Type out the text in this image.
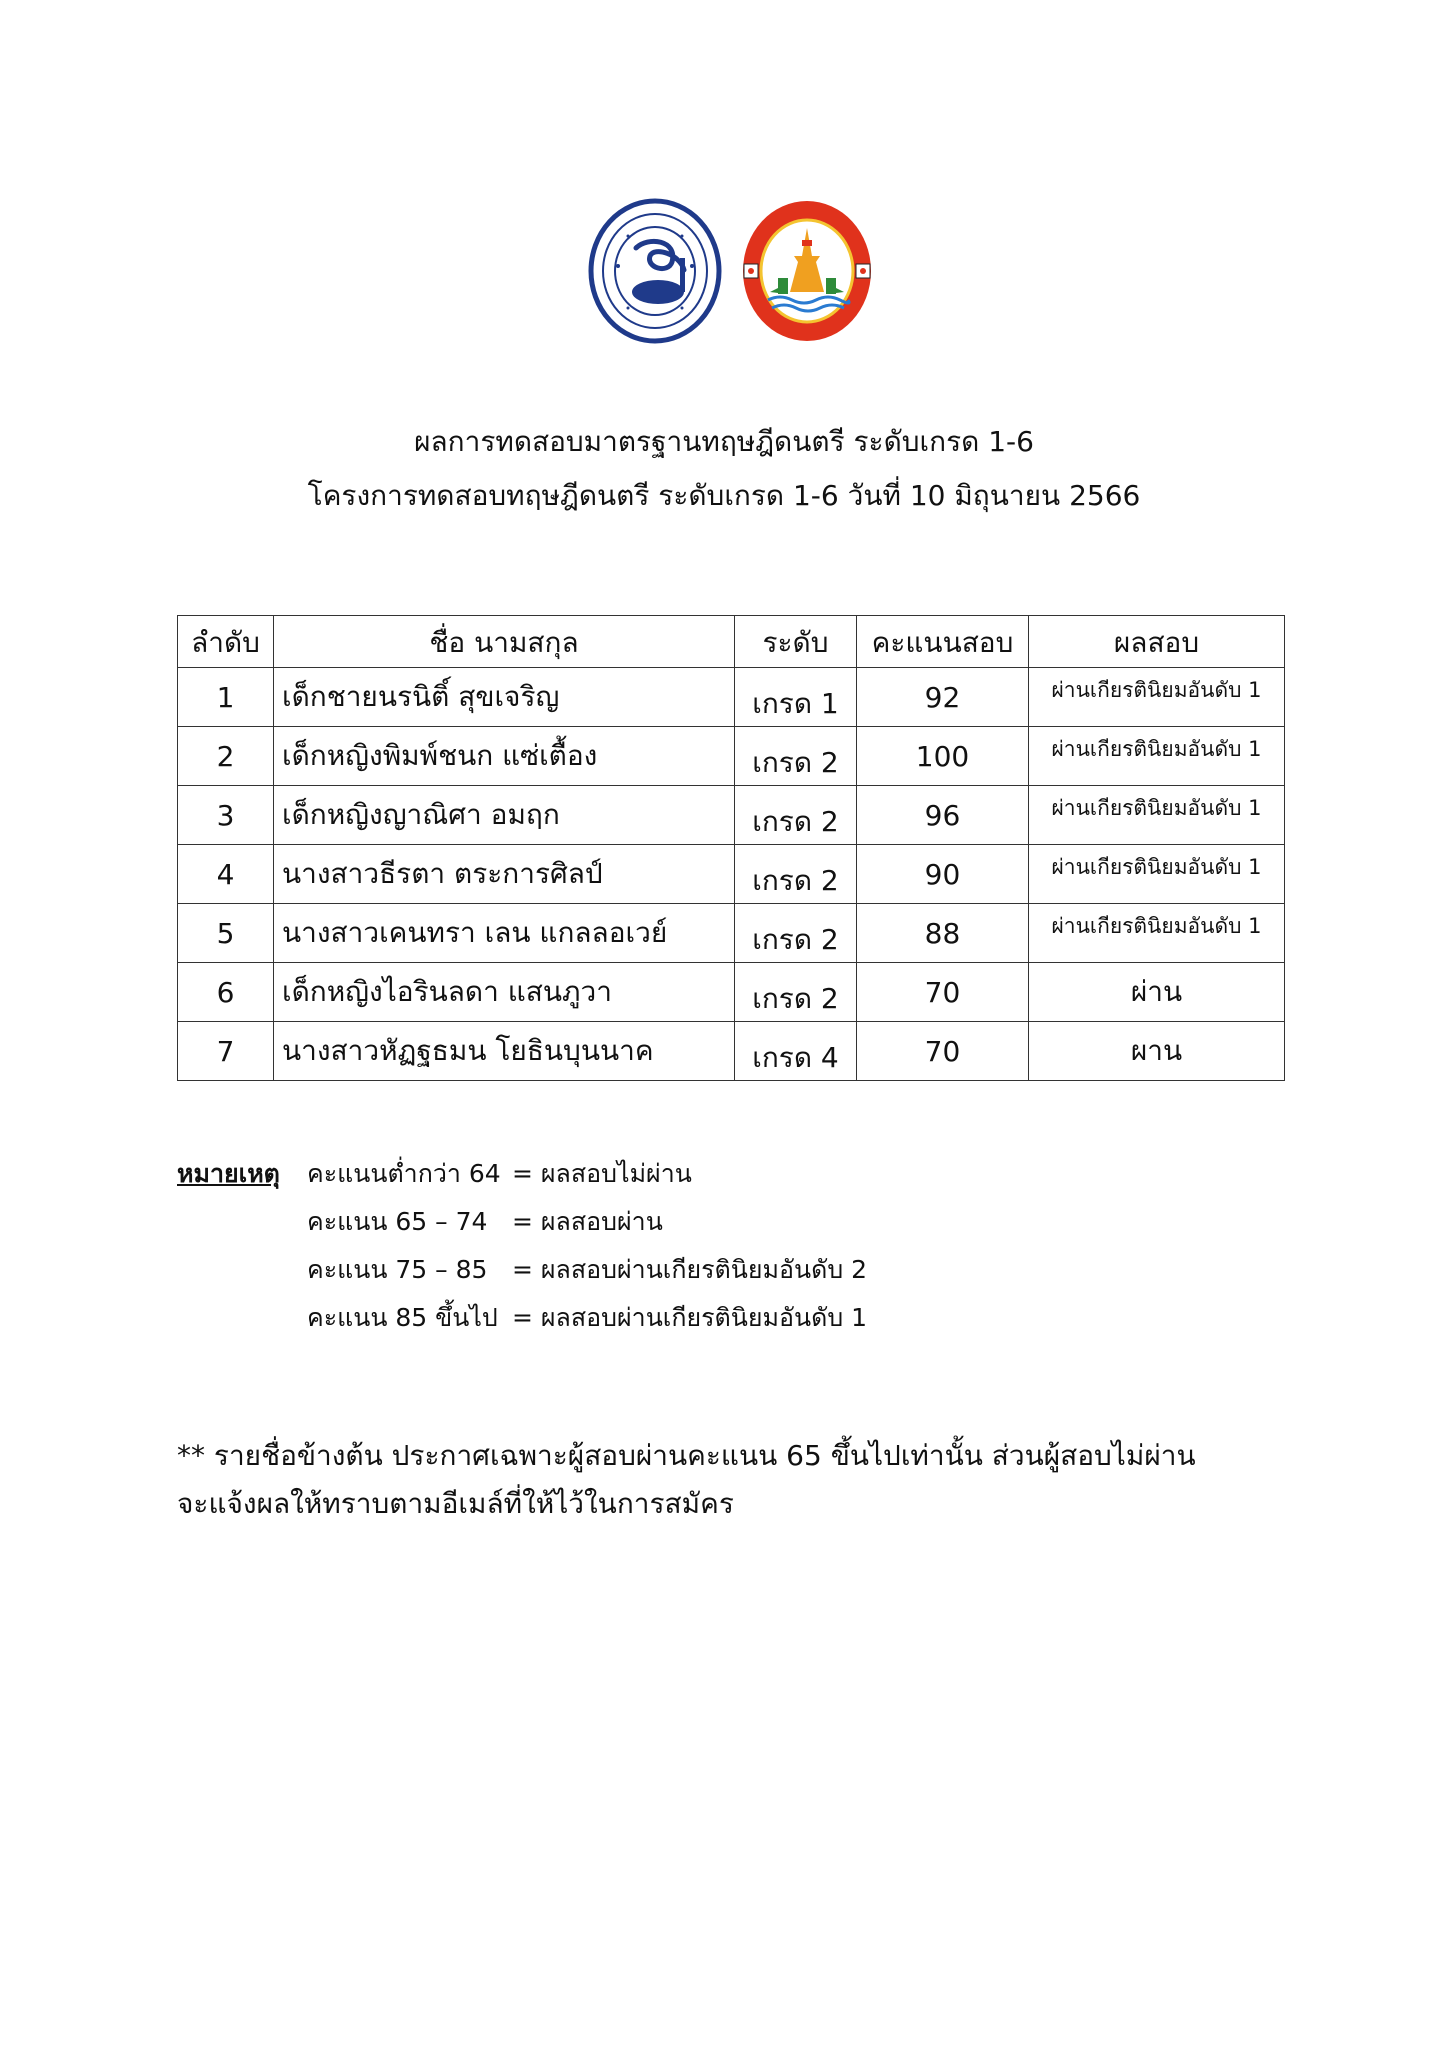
ผลการทดสอบมาตรฐานทฤษฎีดนตรี ระดับเกรด 1-6
โครงการทดสอบทฤษฎีดนตรี ระดับเกรด 1-6 วันที่ 10 มิถุนายน 2566
ลำดับ	ชื่อ นามสกุล	ระดับ	คะแนนสอบ	ผลสอบ
1	เด็กชายนรนิติ์ สุขเจริญ	เกรด 1	92	ผ่านเกียรตินิยมอันดับ 1
2	เด็กหญิงพิมพ์ชนก แซ่เตื้อง	เกรด 2	100	ผ่านเกียรตินิยมอันดับ 1
3	เด็กหญิงญาณิศา อมฤก	เกรด 2	96	ผ่านเกียรตินิยมอันดับ 1
4	นางสาวธีรตา ตระการศิลป์	เกรด 2	90	ผ่านเกียรตินิยมอันดับ 1
5	นางสาวเคนทรา เลน แกลลอเวย์	เกรด 2	88	ผ่านเกียรตินิยมอันดับ 1
6	เด็กหญิงไอรินลดา แสนภูวา	เกรด 2	70	ผ่าน
7	นางสาวหัฏฐธมน โยธินบุนนาค	เกรด 4	70	ผาน
หมายเหตุ คะแนนต่ำกว่า 64 = ผลสอบไม่ผ่าน
คะแนน 65 – 74 = ผลสอบผ่าน
คะแนน 75 – 85 = ผลสอบผ่านเกียรตินิยมอันดับ 2
คะแนน 85 ขึ้นไป = ผลสอบผ่านเกียรตินิยมอันดับ 1

** รายชื่อข้างต้น ประกาศเฉพาะผู้สอบผ่านคะแนน 65 ขึ้นไปเท่านั้น ส่วนผู้สอบไม่ผ่าน

จะแจ้งผลให้ทราบตามอีเมล์ที่ให้ไว้ในการสมัคร
